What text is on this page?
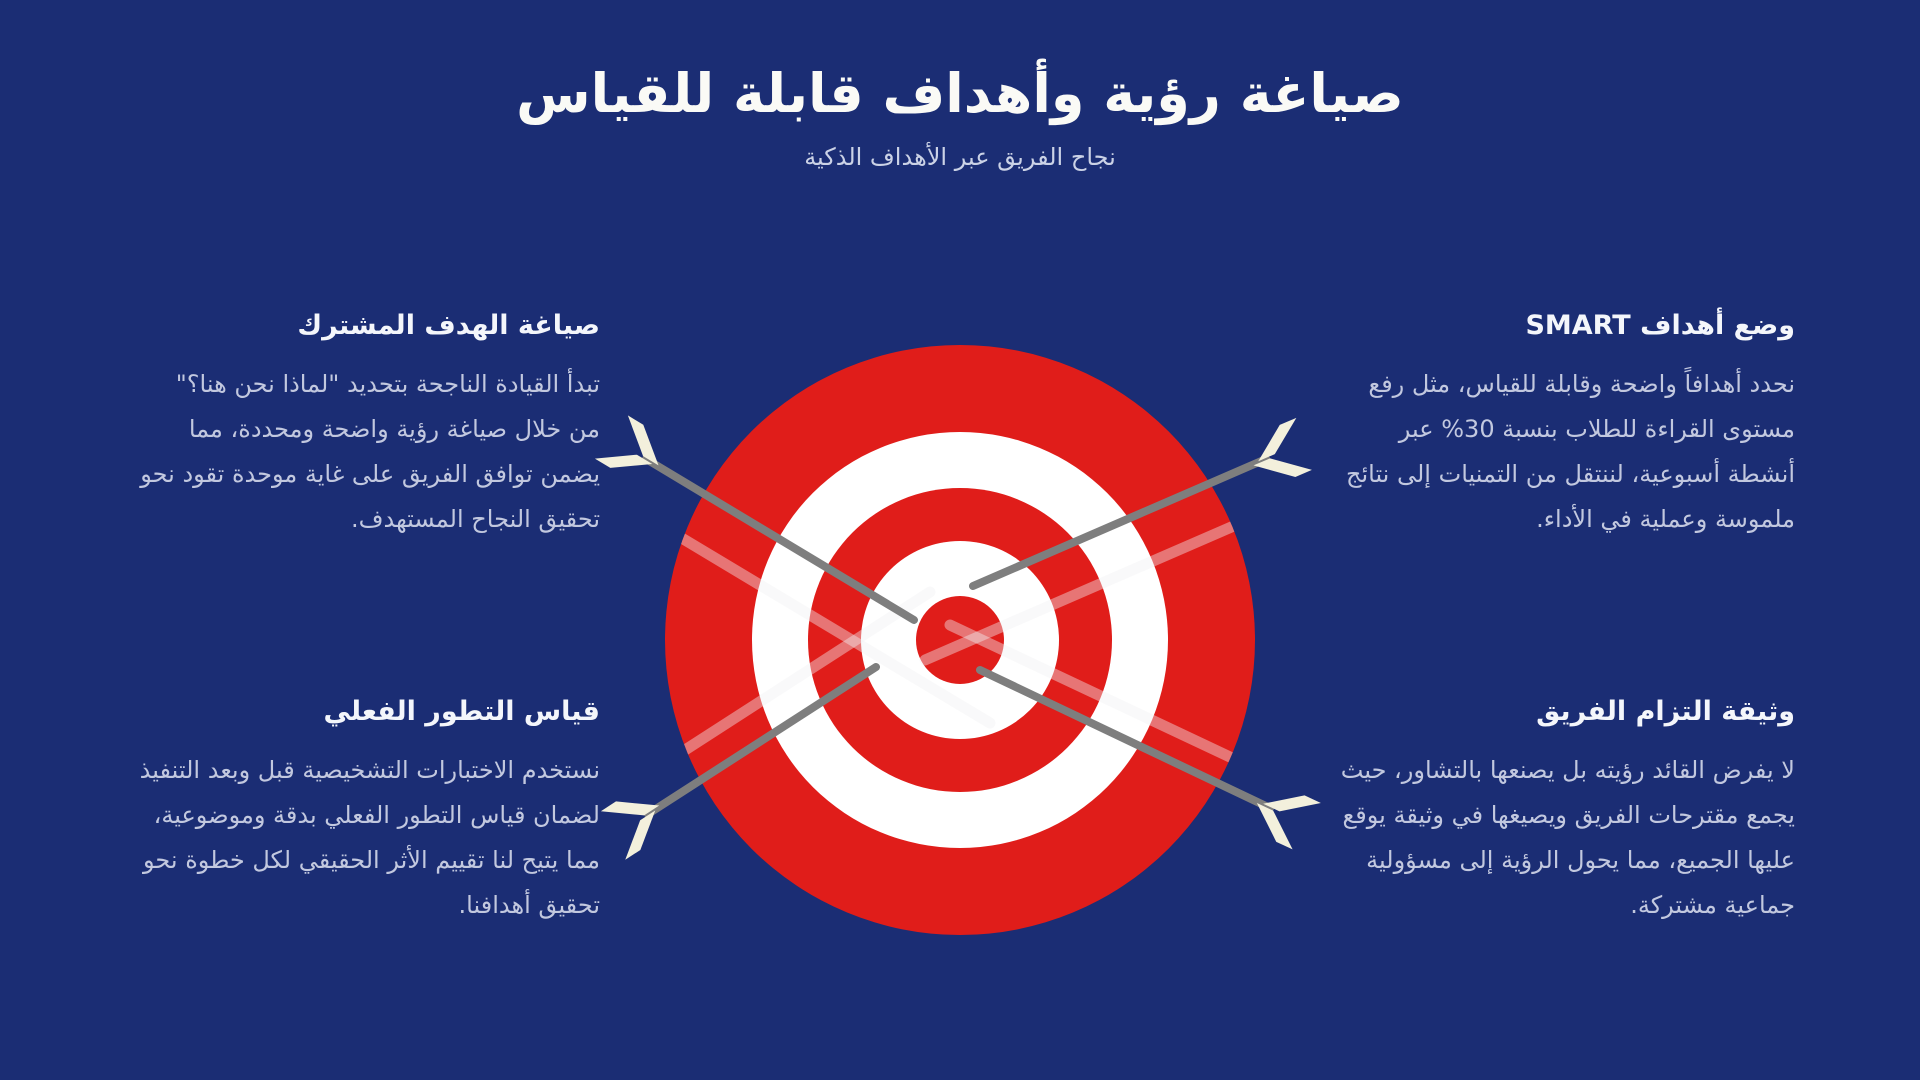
صياغة رؤية وأهداف قابلة للقياس

نجاح الفريق عبر الأهداف الذكية

صياغة الهدف المشترك

تبدأ القيادة الناجحة بتحديد "لماذا نحن هنا؟" من خلال صياغة رؤية واضحة ومحددة، مما يضمن توافق الفريق على غاية موحدة تقود نحو تحقيق النجاح المستهدف.

وضع أهداف SMART

نحدد أهدافاً واضحة وقابلة للقياس، مثل رفع مستوى القراءة للطلاب بنسبة 30% عبر أنشطة أسبوعية، لننتقل من التمنيات إلى نتائج ملموسة وعملية في الأداء.

قياس التطور الفعلي

نستخدم الاختبارات التشخيصية قبل وبعد التنفيذ لضمان قياس التطور الفعلي بدقة وموضوعية، مما يتيح لنا تقييم الأثر الحقيقي لكل خطوة نحو تحقيق أهدافنا.

وثيقة التزام الفريق

لا يفرض القائد رؤيته بل يصنعها بالتشاور، حيث يجمع مقترحات الفريق ويصيغها في وثيقة يوقع عليها الجميع، مما يحول الرؤية إلى مسؤولية جماعية مشتركة.
